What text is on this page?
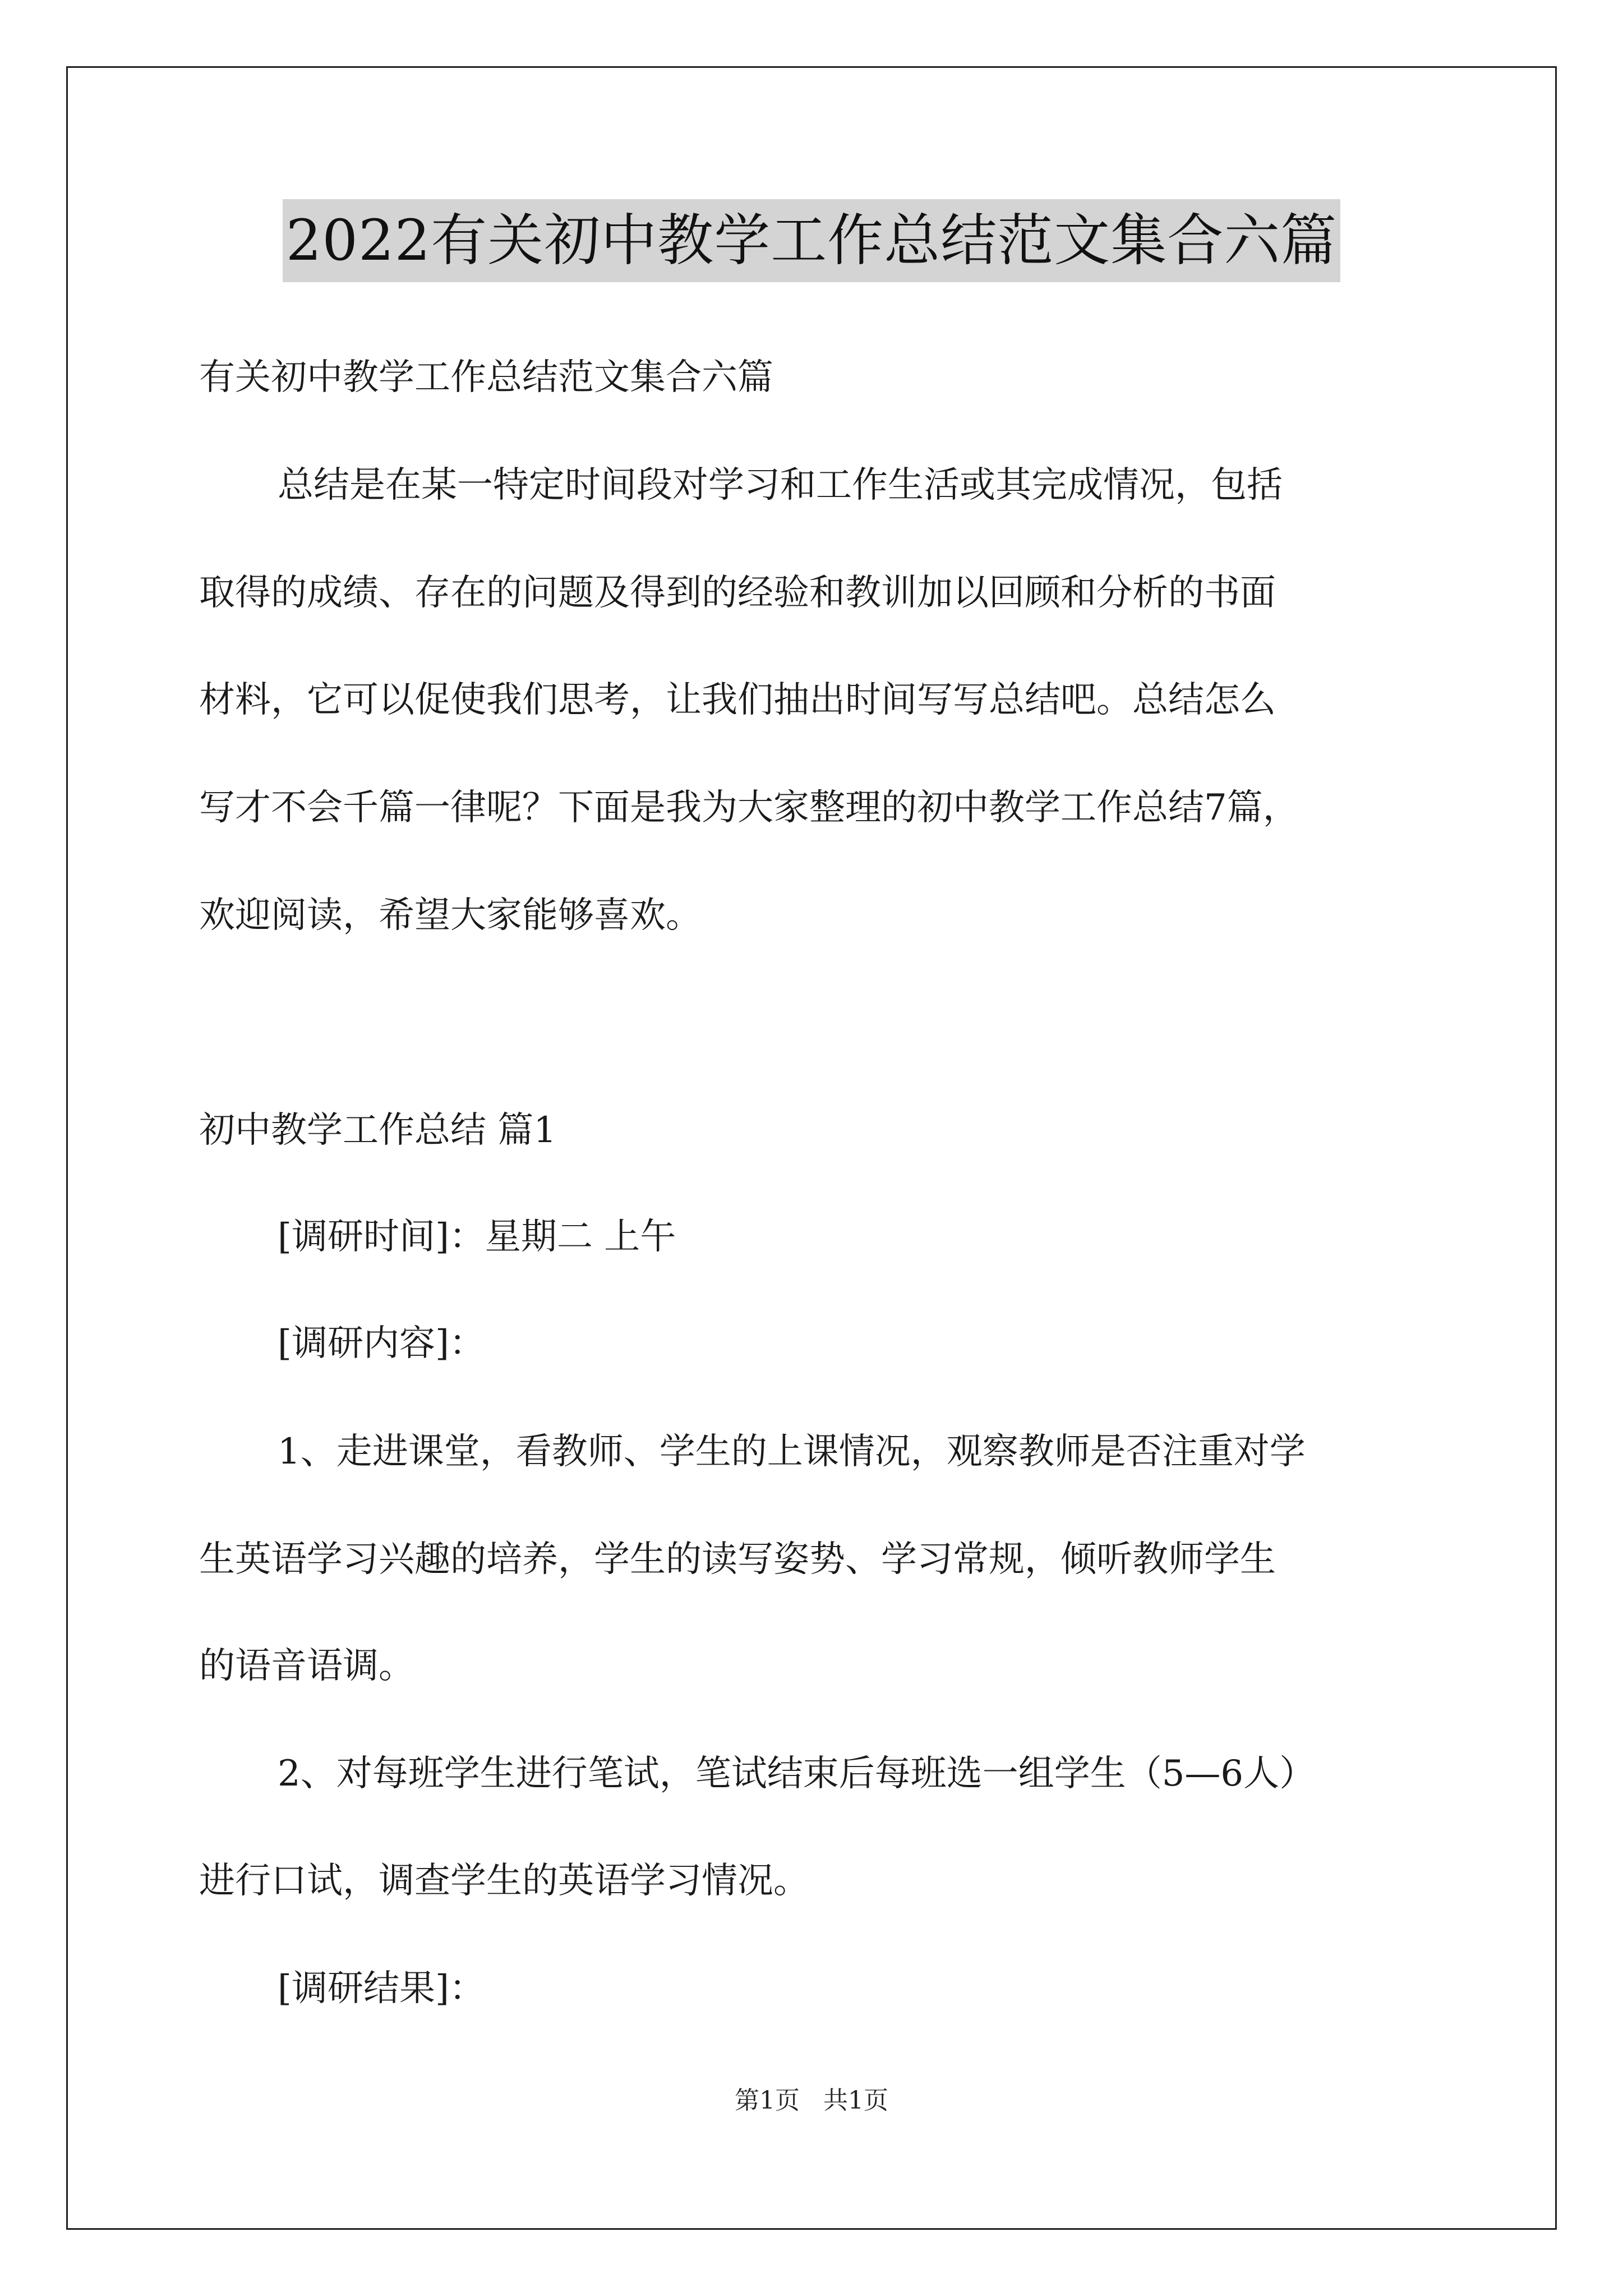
2022有关初中教学工作总结范文集合六篇
有关初中教学工作总结范文集合六篇
总结是在某一特定时间段对学习和工作生活或其完成情况，包括
取得的成绩、存在的问题及得到的经验和教训加以回顾和分析的书面
材料，它可以促使我们思考，让我们抽出时间写写总结吧。总结怎么
写才不会千篇一律呢？下面是我为大家整理的初中教学工作总结7篇，
欢迎阅读，希望大家能够喜欢。
初中教学工作总结 篇1
[调研时间]：星期二 上午
[调研内容]：
1、走进课堂，看教师、学生的上课情况，观察教师是否注重对学
生英语学习兴趣的培养，学生的读写姿势、学习常规，倾听教师学生
的语音语调。
2、对每班学生进行笔试，笔试结束后每班选一组学生（5—6人）
进行口试，调查学生的英语学习情况。
[调研结果]：
第1页 共1页
